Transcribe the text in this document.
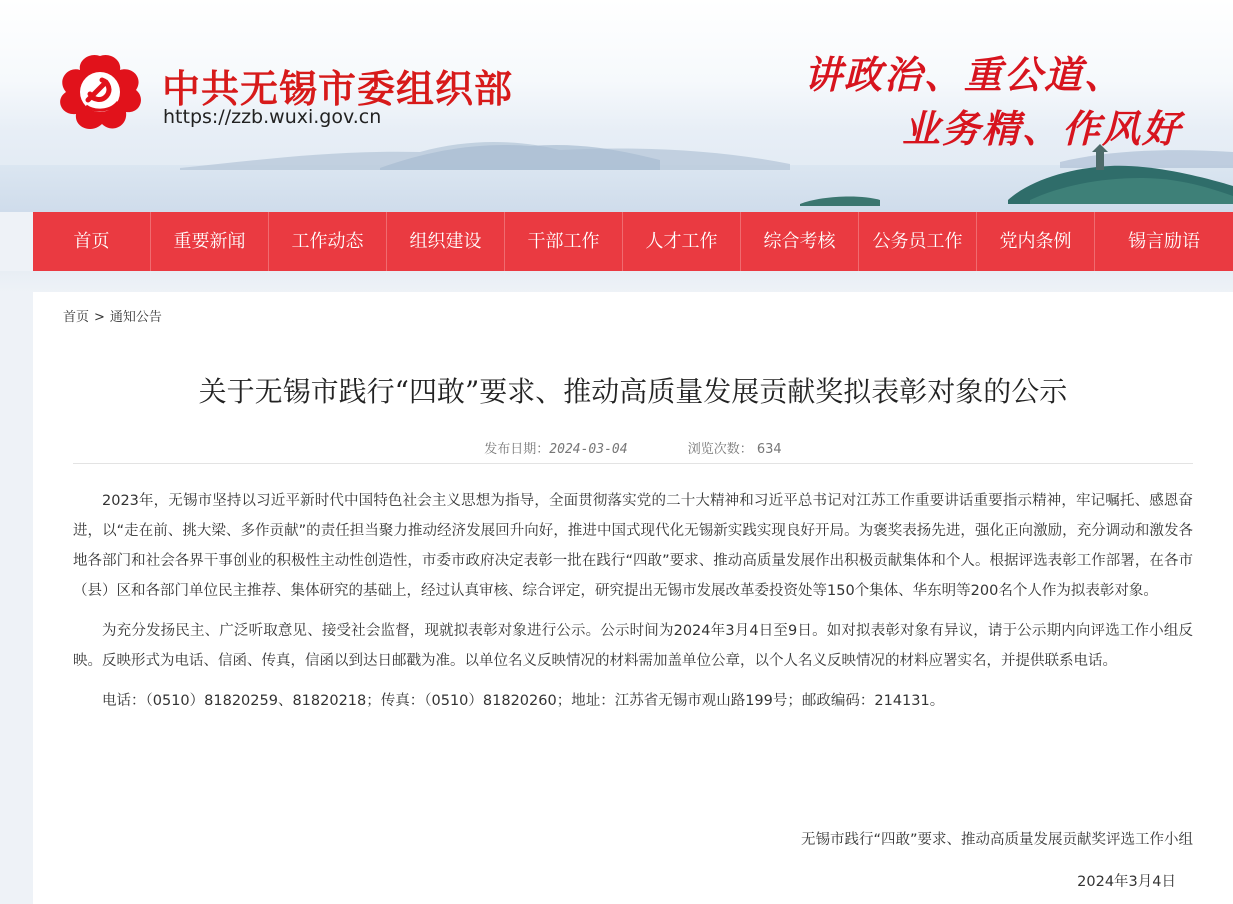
中共无锡市委组织部
https://zzb.wuxi.gov.cn
讲政治、重公道、
业务精、作风好
首页	重要新闻	工作动态	组织建设	干部工作	人才工作	综合考核	公务员工作	党内条例	锡言励语
首页 > 通知公告
关于无锡市践行“四敢”要求、推动高质量发展贡献奖拟表彰对象的公示
发布日期：2024-03-04	浏览次数： 634

2023年，无锡市坚持以习近平新时代中国特色社会主义思想为指导，全面贯彻落实党的二十大精神和习近平总书记对江苏工作重要讲话重要指示精神，牢记嘱托、感恩奋进，以“走在前、挑大梁、多作贡献”的责任担当聚力推动经济发展回升向好，推进中国式现代化无锡新实践实现良好开局。为褒奖表扬先进，强化正向激励，充分调动和激发各地各部门和社会各界干事创业的积极性主动性创造性，市委市政府决定表彰一批在践行“四敢”要求、推动高质量发展作出积极贡献集体和个人。根据评选表彰工作部署，在各市（县）区和各部门单位民主推荐、集体研究的基础上，经过认真审核、综合评定，研究提出无锡市发展改革委投资处等150个集体、华东明等200名个人作为拟表彰对象。

为充分发扬民主、广泛听取意见、接受社会监督，现就拟表彰对象进行公示。公示时间为2024年3月4日至9日。如对拟表彰对象有异议，请于公示期内向评选工作小组反映。反映形式为电话、信函、传真，信函以到达日邮戳为准。以单位名义反映情况的材料需加盖单位公章，以个人名义反映情况的材料应署实名，并提供联系电话。

电话：（0510）81820259、81820218；传真：（0510）81820260；地址：江苏省无锡市观山路199号；邮政编码：214131。

无锡市践行“四敢”要求、推动高质量发展贡献奖评选工作小组
2024年3月4日
